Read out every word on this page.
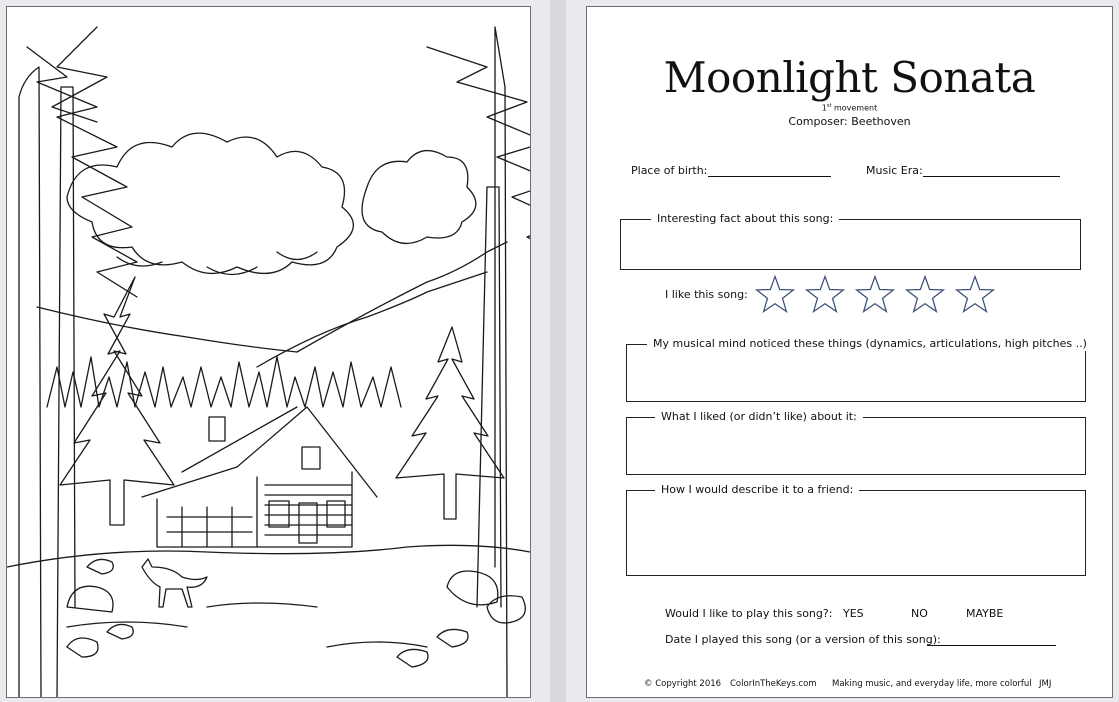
Moonlight Sonata
1st movement
Composer: Beethoven
Place of birth:	Music Era:
Interesting fact about this song:
I like this song:
My musical mind noticed these things (dynamics, articulations, high pitches ..)
What I liked (or didn’t like) about it:
How I would describe it to a friend:
Would I like to play this song?: YES	NO	MAYBE
Date I played this song (or a version of this song):
© Copyright 2016 ColorInTheKeys.com Making music, and everyday life, more colorful JMJ
